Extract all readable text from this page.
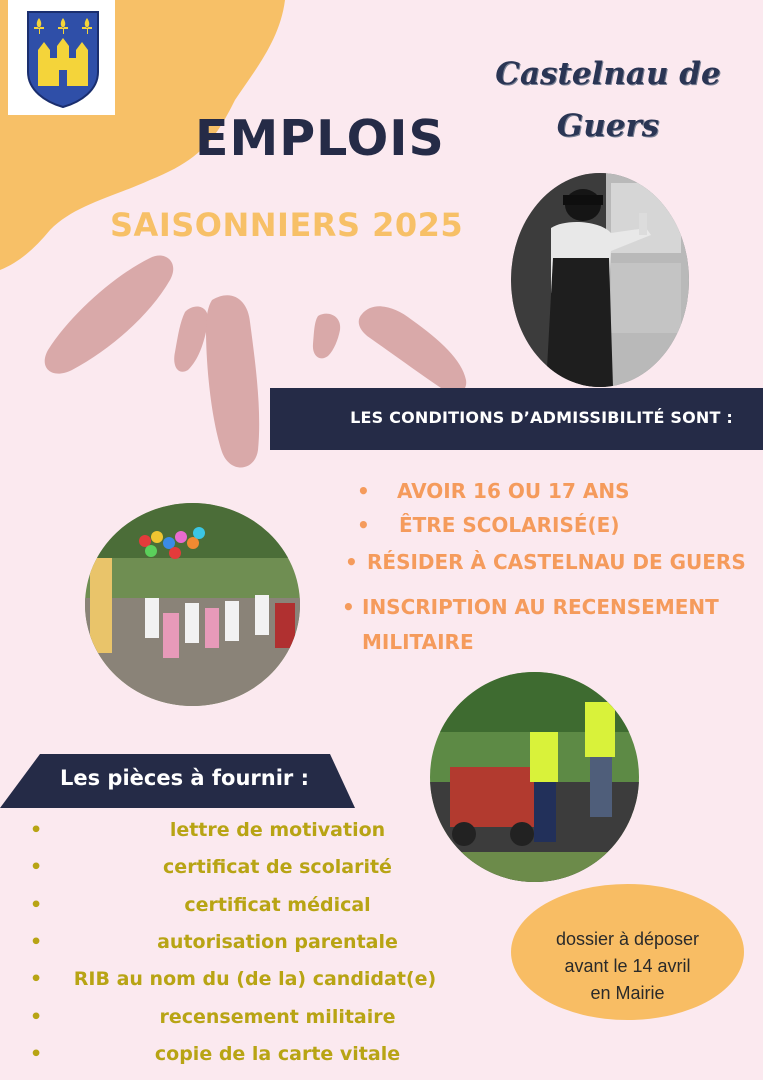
Castelnau de
Guers
EMPLOIS
SAISONNIERS 2025
LES CONDITIONS D’ADMISSIBILITÉ SONT :
• AVOIR 16 OU 17 ANS
• ÊTRE SCOLARISÉ(E)
• RÉSIDER À CASTELNAU DE GUERS
• INSCRIPTION AU RECENSEMENT
MILITAIRE
Les pièces à fournir :
•	lettre de motivation
•	certificat de scolarité
•	certificat médical
•	autorisation parentale
•	RIB au nom du (de la) candidat(e)
•	recensement militaire
•	copie de la carte vitale
dossier à déposer
avant le 14 avril
en Mairie
